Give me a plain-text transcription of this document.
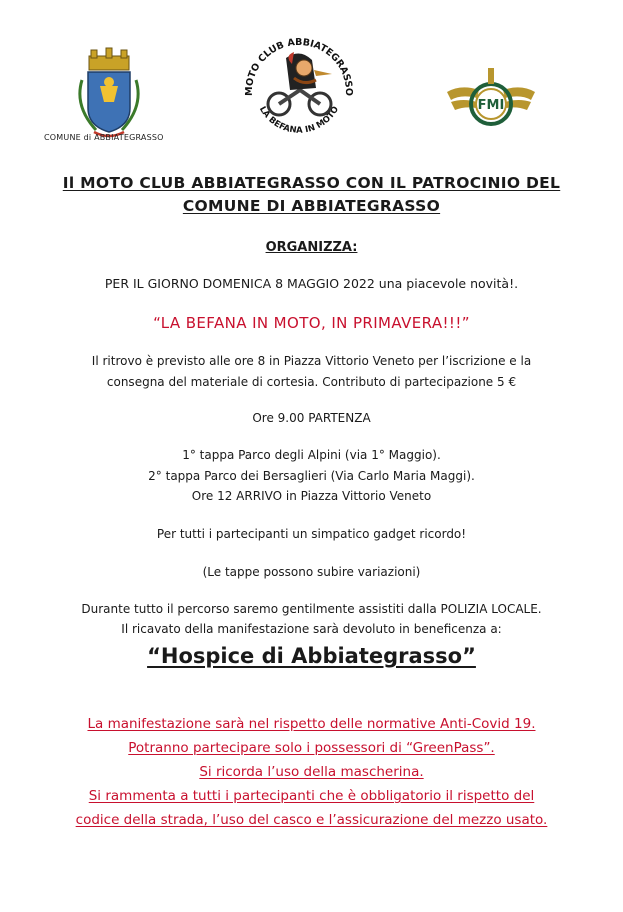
COMUNE di ABBIATEGRASSO
MOTO CLUB ABBIATEGRASSO
LA BEFANA IN MOTO	FMI
Il MOTO CLUB ABBIATEGRASSO CON IL PATROCINIO DEL
COMUNE DI ABBIATEGRASSO
ORGANIZZA:
PER IL GIORNO DOMENICA 8 MAGGIO 2022 una piacevole novità!.
“LA BEFANA IN MOTO, IN PRIMAVERA!!!”
Il ritrovo è previsto alle ore 8 in Piazza Vittorio Veneto per l’iscrizione e la
consegna del materiale di cortesia. Contributo di partecipazione 5 €
Ore 9.00 PARTENZA
1° tappa Parco degli Alpini (via 1° Maggio).
2° tappa Parco dei Bersaglieri (Via Carlo Maria Maggi).
Ore 12 ARRIVO in Piazza Vittorio Veneto
Per tutti i partecipanti un simpatico gadget ricordo!
(Le tappe possono subire variazioni)
Durante tutto il percorso saremo gentilmente assistiti dalla POLIZIA LOCALE.
Il ricavato della manifestazione sarà devoluto in beneficenza a:
“Hospice di Abbiategrasso”
La manifestazione sarà nel rispetto delle normative Anti-Covid 19.
Potranno partecipare solo i possessori di “GreenPass”.
Si ricorda l’uso della mascherina.
Si rammenta a tutti i partecipanti che è obbligatorio il rispetto del
codice della strada, l’uso del casco e l’assicurazione del mezzo usato.
